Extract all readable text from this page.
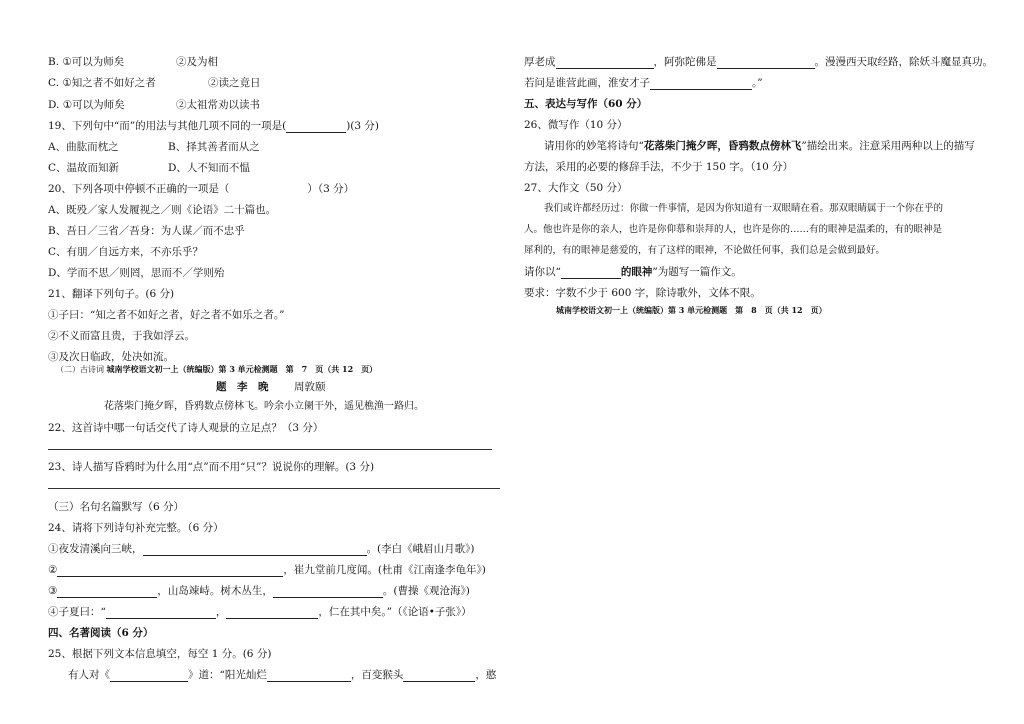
B. ①可以为师矣	②及为相
C. ①知之者不如好之者	②读之竟日
D. ①可以为师矣	②太祖常劝以读书
19、下列句中“而”的用法与其他几项不同的一项是(	)(3 分)
A、曲肱而枕之	B、择其善者而从之
C、温故而知新	D、人不知而不愠
20、下列各项中停顿不正确的一项是（	）（3 分）
A、既殁／家人发履视之／则《论语》二十篇也。
B、吾日／三省／吾身：为人谋／而不忠乎
C、有朋／自远方来，不亦乐乎？
D、学而不思／则罔，思而不／学则殆
21、翻译下列句子。(6 分)
①子曰：“知之者不如好之者，好之者不如乐之者。”
②不义而富且贵，于我如浮云。
③及次日临政，处决如流。
（二）古诗词 城南学校语文初一上（统编版）第 3 单元检测题　第　7　页（共 12　页）
题　李　晚 周敦颐
花落柴门掩夕晖，昏鸦数点傍林飞。吟余小立阑干外，遥见樵渔一路归。
22、这首诗中哪一句话交代了诗人观景的立足点？（3 分）
23、诗人描写昏鸦时为什么用“点”而不用“只”？说说你的理解。(3 分)
（三）名句名篇默写（6 分）
24、请将下列诗句补充完整。（6 分）
①夜发清溪向三峡，	。(李白《峨眉山月歌》)
②	，崔九堂前几度闻。(杜甫《江南逢李龟年》)
③	，山岛竦峙。树木丛生，	。(曹操《观沧海》)
④子夏曰：“	，	，仁在其中矣。”（《论语•子张》）
四、名著阅读（6 分）
25、根据下列文本信息填空，每空 1 分。(6 分)
有人对《	》道：“阳光灿烂	，百变猴头	，憨
厚老成	，阿弥陀佛是	。漫漫西天取经路，除妖斗魔显真功。
若问是谁营此画，淮安才子	。”
五、表达与写作（60 分）
26、微写作（10 分）
请用你的妙笔将诗句“花落柴门掩夕晖，昏鸦数点傍林飞”描绘出来。注意采用两种以上的描写
方法，采用的必要的修辞手法，不少于 150 字。（10 分）
27、大作文（50 分）
我们或许都经历过：你做一件事情，是因为你知道有一双眼睛在看。那双眼睛属于一个你在乎的
人。他也许是你的亲人，也许是你仰慕和崇拜的人，也许是你的……有的眼神是温柔的，有的眼神是
犀利的，有的眼神是慈爱的，有了这样的眼神，不论做任何事，我们总是会做到最好。
请你以“	的眼神”为题写一篇作文。
要求：字数不少于 600 字，除诗歌外，文体不限。
城南学校语文初一上（统编版）第 3 单元检测题　第　8　页（共 12　页）
